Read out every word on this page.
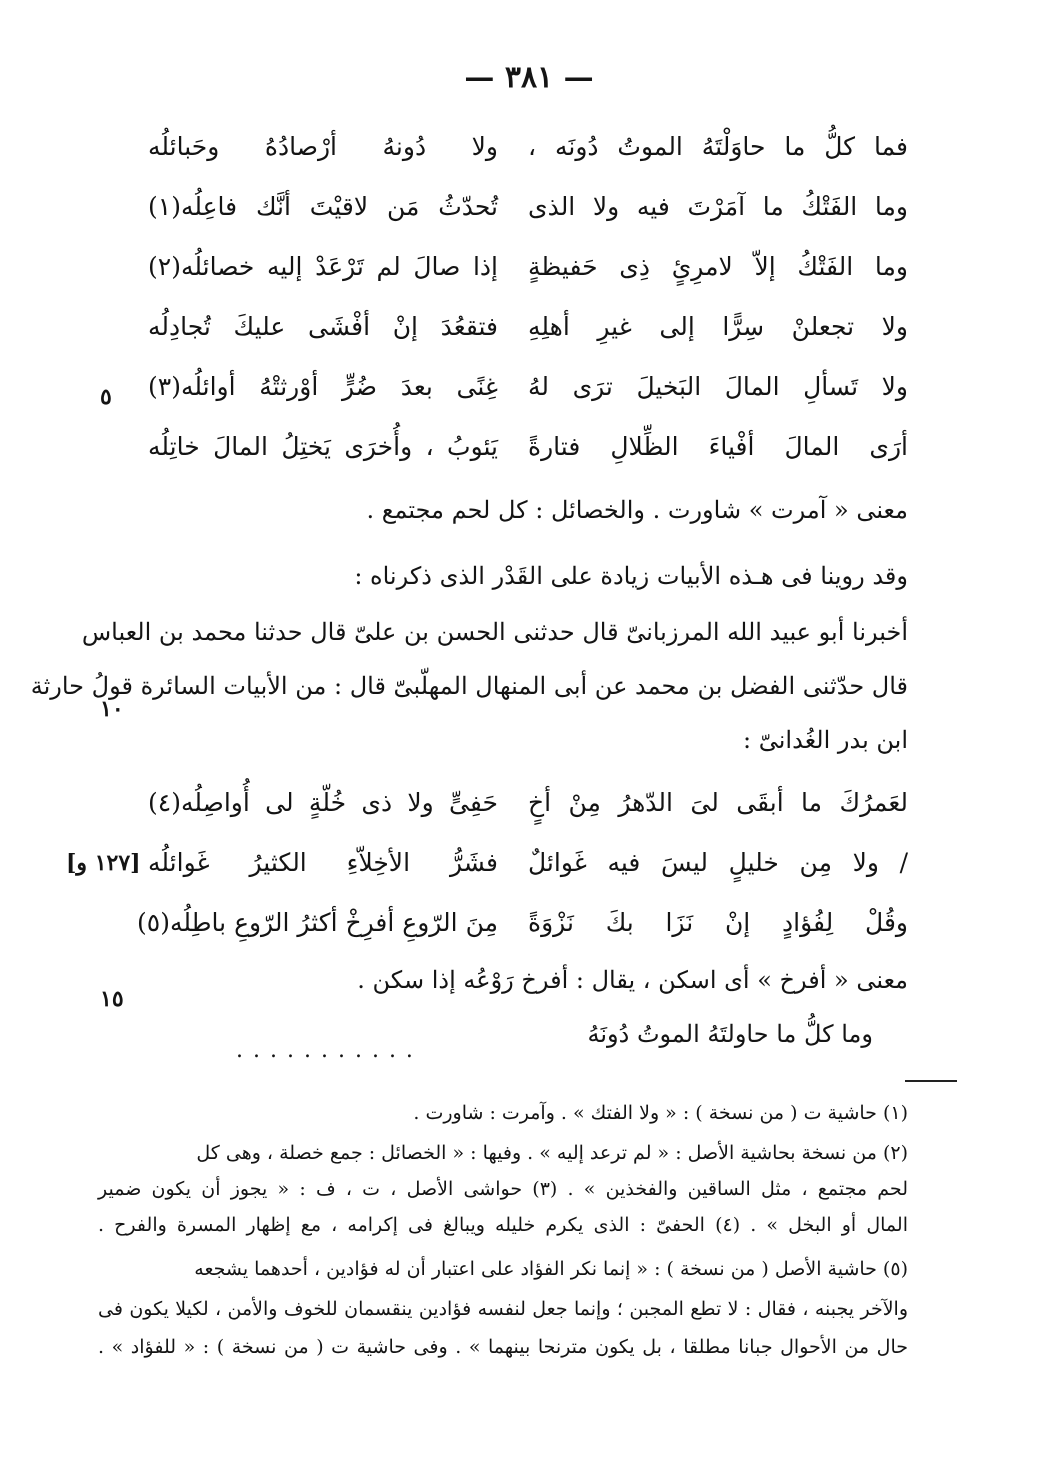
— ٣٨١ —
فما كلُّ ما حاوَلْتَهُ الموتُ دُونَه ،
ولا دُونهُ أرْصادُهُ وحَبائلُه
وما الفَتْكُ ما آمَرْتَ فيه ولا الذى
تُحدّثُ مَن لاقيْتَ أنَّك فاعِلُه(١)
وما الفَتْكُ إلاّ لامرِئٍ ذِى حَفيظةٍ
إذا صالَ لم تَرْعَدْ إليه خصائلُه(٢)
ولا تجعلنْ سِرًّا إلى غيرِ أهلِهِ
فتقعُدَ إنْ أفْشَى عليكَ تُجادِلُه
ولا تَسألِ المالَ البَخيلَ ترَى لهُ
غِنًى بعدَ ضُرٍّ أوْرثتْهُ أوائلُه(٣)
أرَى المالَ أفْياءَ الظِّلالِ فتارةً
يَئوبُ ، وأُخرَى يَختِلُ المالَ خاتِلُه
معنى « آمرت » شاورت . والخصائل : كل لحم مجتمع .
وقد روينا فى هـذه الأبيات زيادة على القَدْر الذى ذكرناه :
أخبرنا أبو عبيد الله المرزبانىّ قال حدثنى الحسن بن علىّ قال حدثنا محمد بن العباس
قال حدّثنى الفضل بن محمد عن أبى المنهال المهلّبىّ قال : من الأبيات السائرة قولُ حارثة
ابن بدر الغُدانىّ :
لعَمرُكَ ما أبقَى لىَ الدّهرُ مِنْ أخٍ
حَفِىٍّ ولا ذى خُلّةٍ لى أُواصِلُه(٤)
/ ولا مِن خليلٍ ليسَ فيه غَوائلٌ
فشَرُّ الأخِلاّءِ الكثيرُ غَوائلُه
وقُلْ لِفُؤادٍ إنْ نَزَا بكَ نَزْوَةً
مِنَ الرّوعِ أفرِخْ أكثرُ الرّوعِ باطِلُه(٥)
معنى « أفرخ » أى اسكن ، يقال : أفرخ رَوْعُه إذا سكن .
وما كلُّ ما حاولتَهُ الموتُ دُونَهُ
...........
٥
١٠
١٥
[١٢٧ ﻭ]
(١) حاشية ت ( من نسخة ) : « ولا الفتك » . وآمرت : شاورت .
(٢) من نسخة بحاشية الأصل : « لم ترعد إليه » . وفيها : « الخصائل : جمع خصلة ، وهى كل
لحم مجتمع ، مثل الساقين والفخذين » . (٣) حواشى الأصل ، ت ، ف : « يجوز أن يكون ضمير
المال أو البخل » . (٤) الحفىّ : الذى يكرم خليله ويبالغ فى إكرامه ، مع إظهار المسرة والفرح .
(٥) حاشية الأصل ( من نسخة ) : « إنما نكر الفؤاد على اعتبار أن له فؤادين ، أحدهما يشجعه
والآخر يجبنه ، فقال : لا تطع المجبن ؛ وإنما جعل لنفسه فؤادين ينقسمان للخوف والأمن ، لكيلا يكون فى
حال من الأحوال جبانا مطلقا ، بل يكون مترنحا بينهما » . وفى حاشية ت ( من نسخة ) : « للفؤاد » .
